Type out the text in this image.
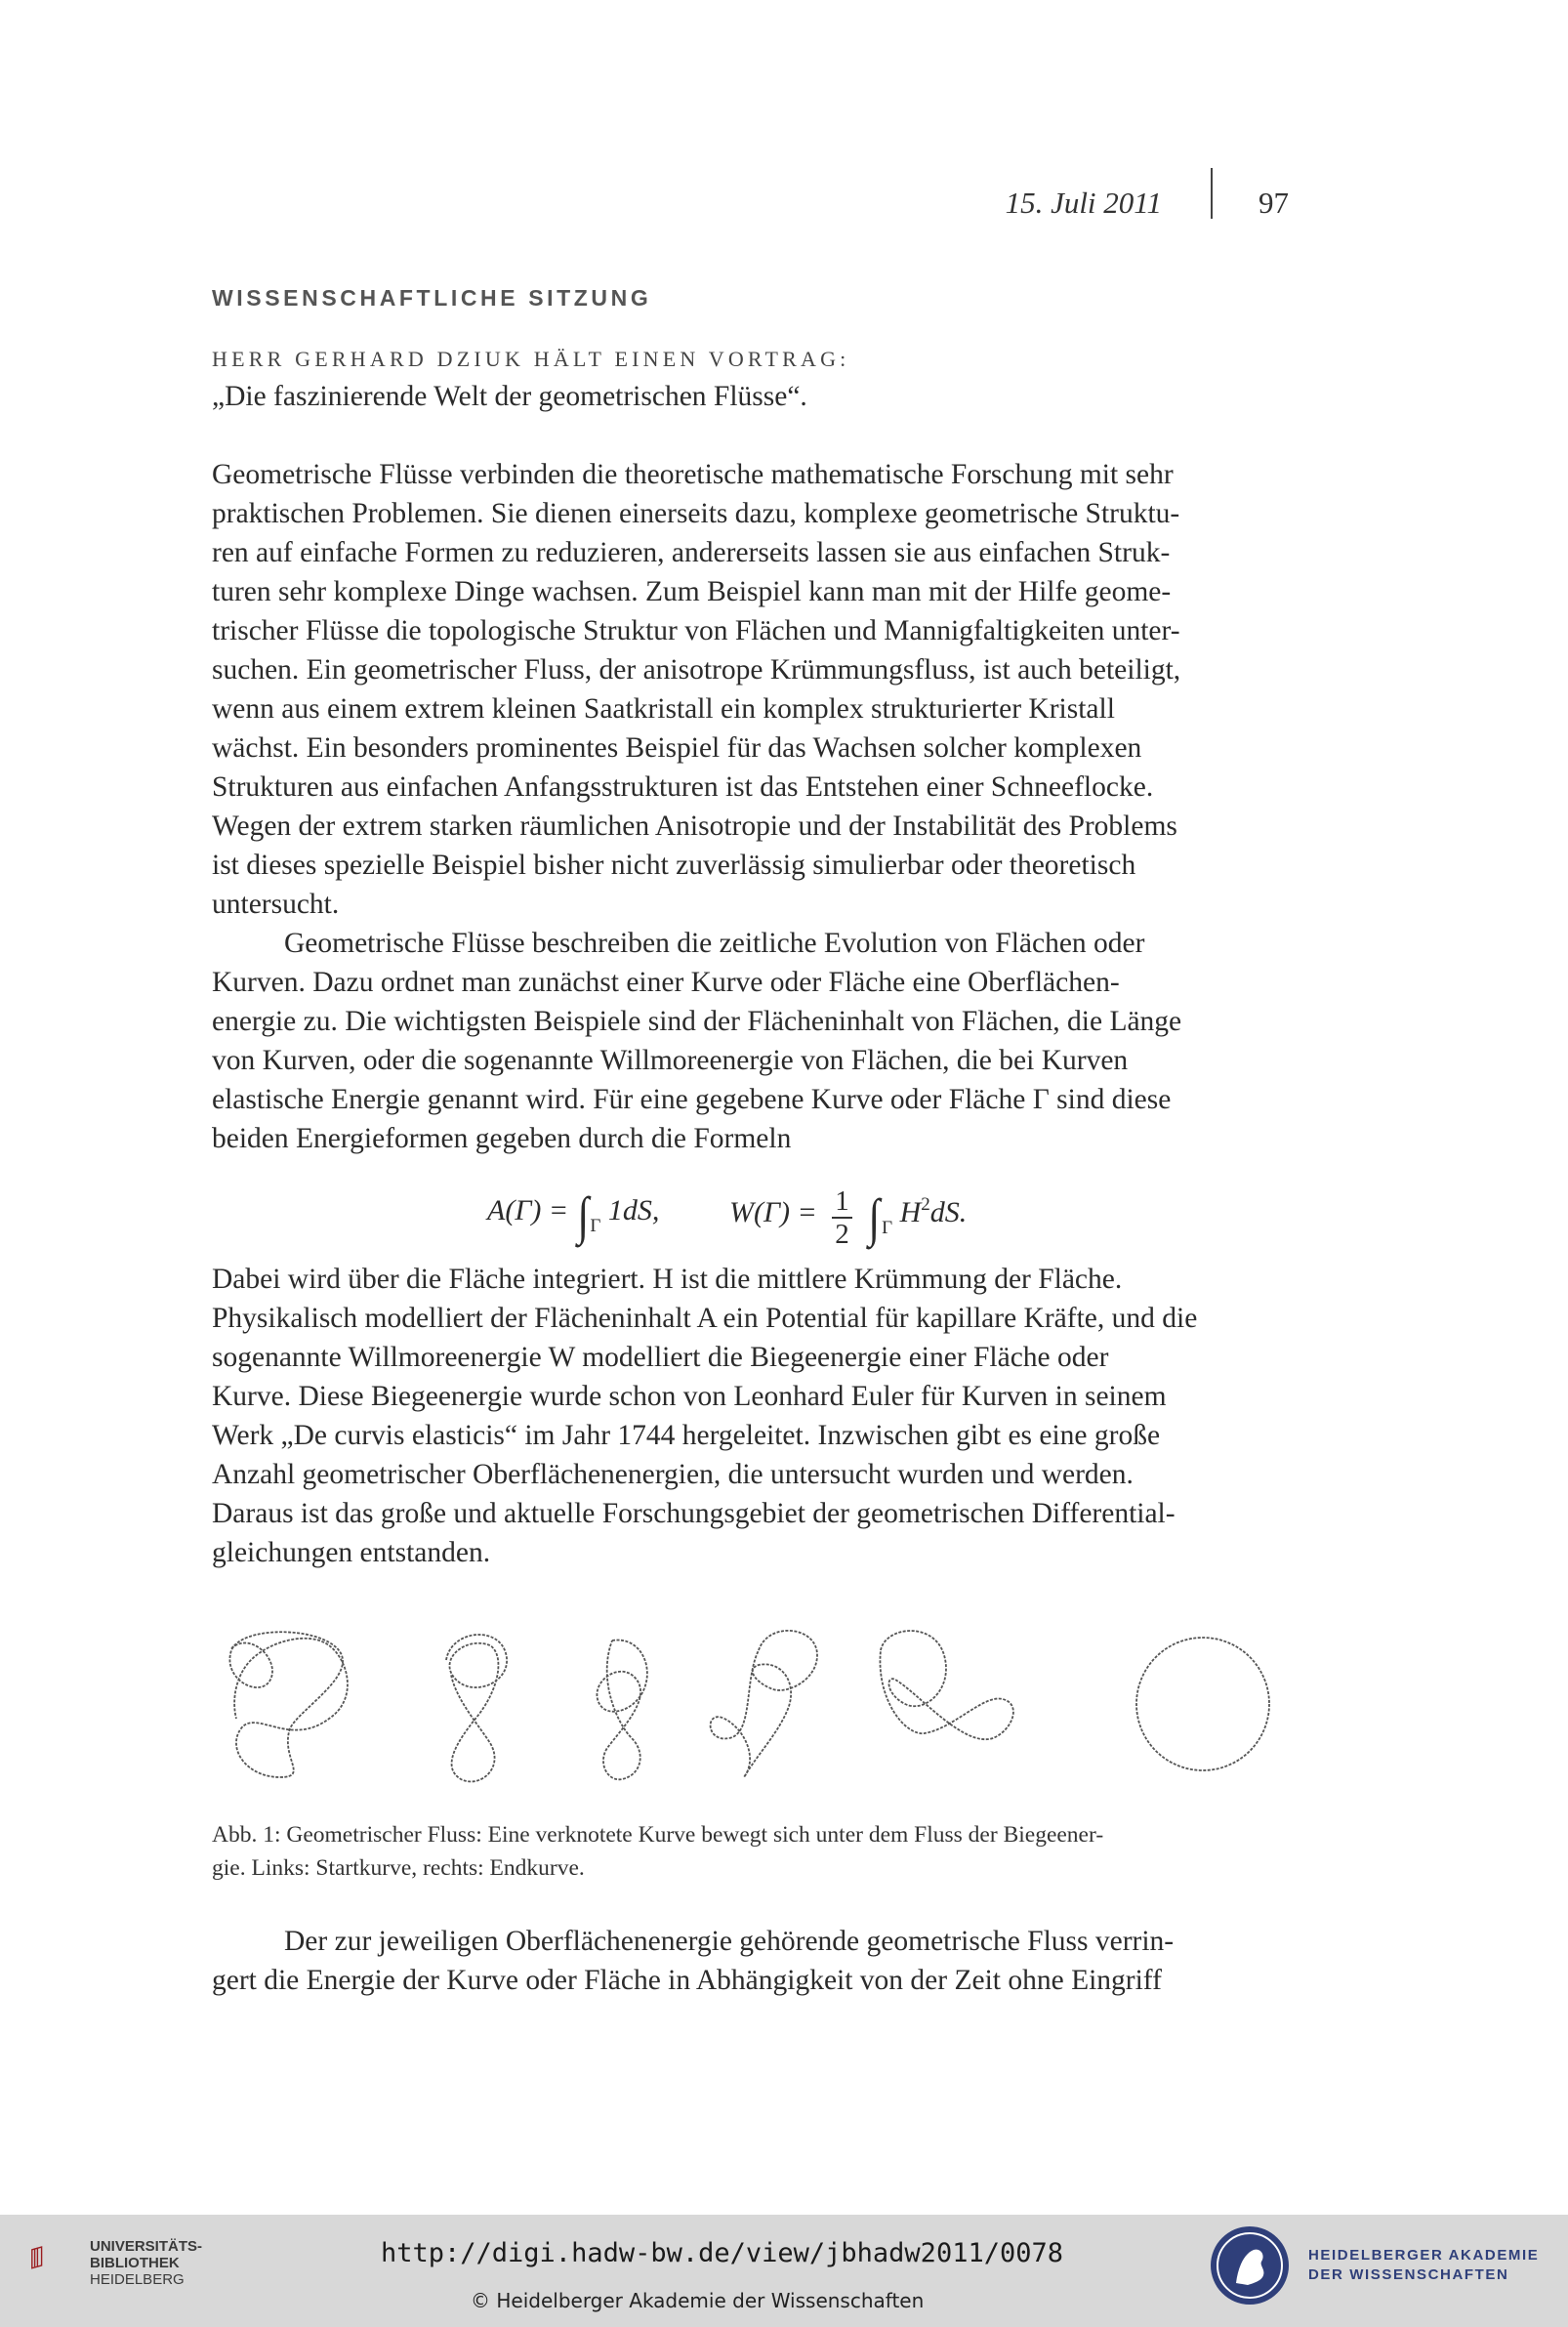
15. Juli 2011	97
WISSENSCHAFTLICHE SITZUNG
HERR GERHARD DZIUK HÄLT EINEN VORTRAG:
„Die faszinierende Welt der geometrischen Flüsse“.
Geometrische Flüsse verbinden die theoretische mathematische Forschung mit sehr
praktischen Problemen. Sie dienen einerseits dazu, komplexe geometrische Struktu-
ren auf einfache Formen zu reduzieren, andererseits lassen sie aus einfachen Struk-
turen sehr komplexe Dinge wachsen. Zum Beispiel kann man mit der Hilfe geome-
trischer Flüsse die topologische Struktur von Flächen und Mannigfaltigkeiten unter-
suchen. Ein geometrischer Fluss, der anisotrope Krümmungsfluss, ist auch beteiligt,
wenn aus einem extrem kleinen Saatkristall ein komplex strukturierter Kristall
wächst. Ein besonders prominentes Beispiel für das Wachsen solcher komplexen
Strukturen aus einfachen Anfangsstrukturen ist das Entstehen einer Schneeflocke.
Wegen der extrem starken räumlichen Anisotropie und der Instabilität des Problems
ist dieses spezielle Beispiel bisher nicht zuverlässig simulierbar oder theoretisch
untersucht.
Geometrische Flüsse beschreiben die zeitliche Evolution von Flächen oder
Kurven. Dazu ordnet man zunächst einer Kurve oder Fläche eine Oberflächen-
energie zu. Die wichtigsten Beispiele sind der Flächeninhalt von Flächen, die Länge
von Kurven, oder die sogenannte Willmoreenergie von Flächen, die bei Kurven
elastische Energie genannt wird. Für eine gegebene Kurve oder Fläche Γ sind diese
beiden Energieformen gegeben durch die Formeln
$A(\Gamma) = \int_\Gamma$ 1dS, $W(\Gamma) = \frac{1}{2} \int_\Gamma$ $H^2dS$.
Dabei wird über die Fläche integriert. H ist die mittlere Krümmung der Fläche.
Physikalisch modelliert der Flächeninhalt A ein Potential für kapillare Kräfte, und die
sogenannte Willmoreenergie W modelliert die Biegeenergie einer Fläche oder
Kurve. Diese Biegeenergie wurde schon von Leonhard Euler für Kurven in seinem
Werk „De curvis elasticis“ im Jahr 1744 hergeleitet. Inzwischen gibt es eine große
Anzahl geometrischer Oberflächenenergien, die untersucht wurden und werden.
Daraus ist das große und aktuelle Forschungsgebiet der geometrischen Differential-
gleichungen entstanden.
Abb. 1: Geometrischer Fluss: Eine verknotete Kurve bewegt sich unter dem Fluss der Biegeener-
gie. Links: Startkurve, rechts: Endkurve.
Der zur jeweiligen Oberflächenenergie gehörende geometrische Fluss verrin-
gert die Energie der Kurve oder Fläche in Abhängigkeit von der Zeit ohne Eingriff
UNIVERSITÄTS-
BIBLIOTHEK
HEIDELBERG
http://digi.hadw-bw.de/view/jbhadw2011/0078
© Heidelberger Akademie der Wissenschaften
HEIDELBERGER AKADEMIE
DER WISSENSCHAFTEN
